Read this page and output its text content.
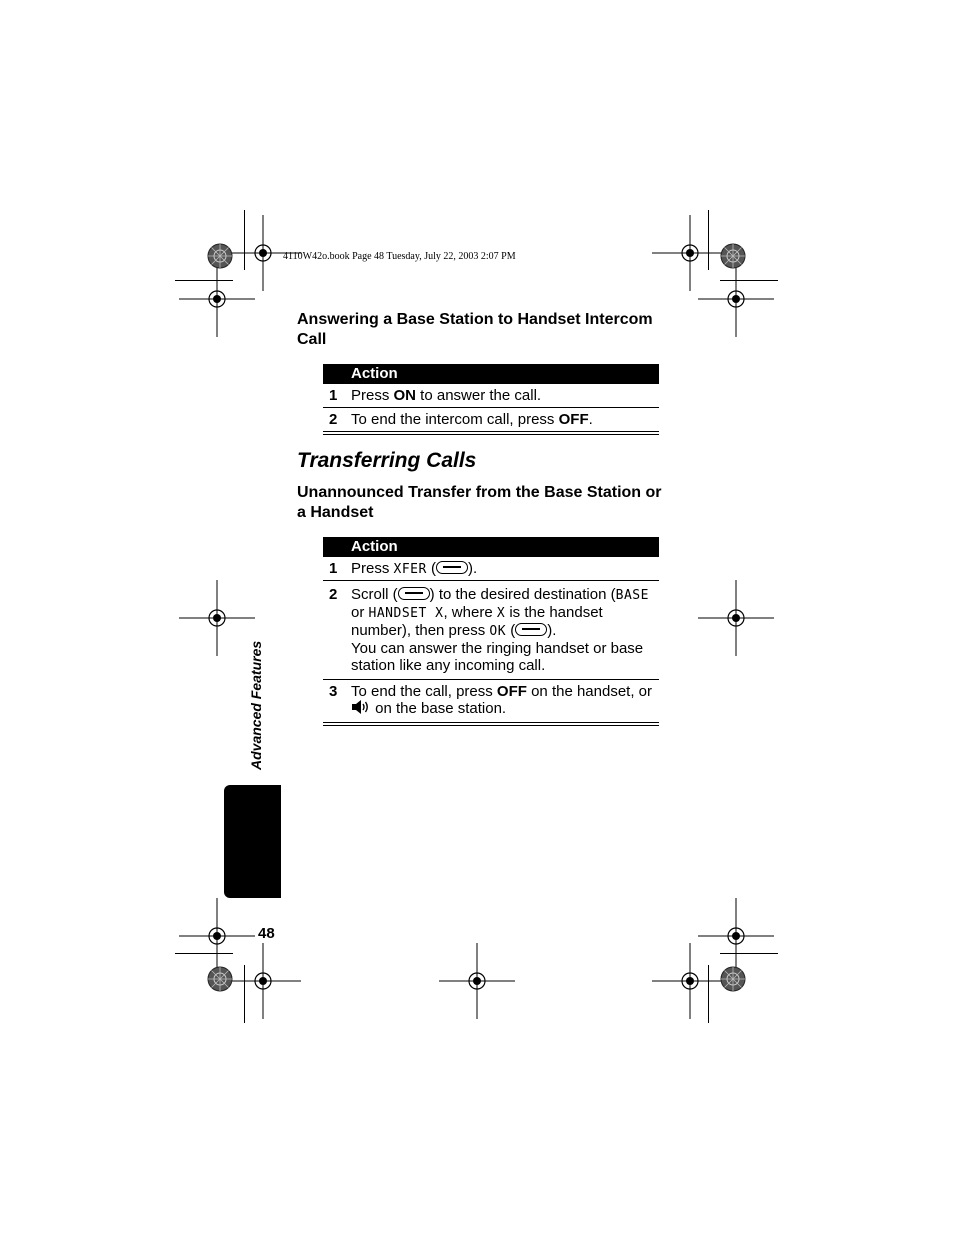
4110W42o.book Page 48 Tuesday, July 22, 2003 2:07 PM
Answering a Base Station to Handset Intercom Call
Action
1 Press ON to answer the call.
2 To end the intercom call, press OFF.
Transferring Calls
Unannounced Transfer from the Base Station or a Handset
Action
1 Press XFER ( ).
2 Scroll ( ) to the desired destination (BASE or HANDSET X, where X is the handset number), then press OK ( ).
You can answer the ringing handset or base station like any incoming call.
3 To end the call, press OFF on the handset, or  on the base station.
Advanced Features
48
